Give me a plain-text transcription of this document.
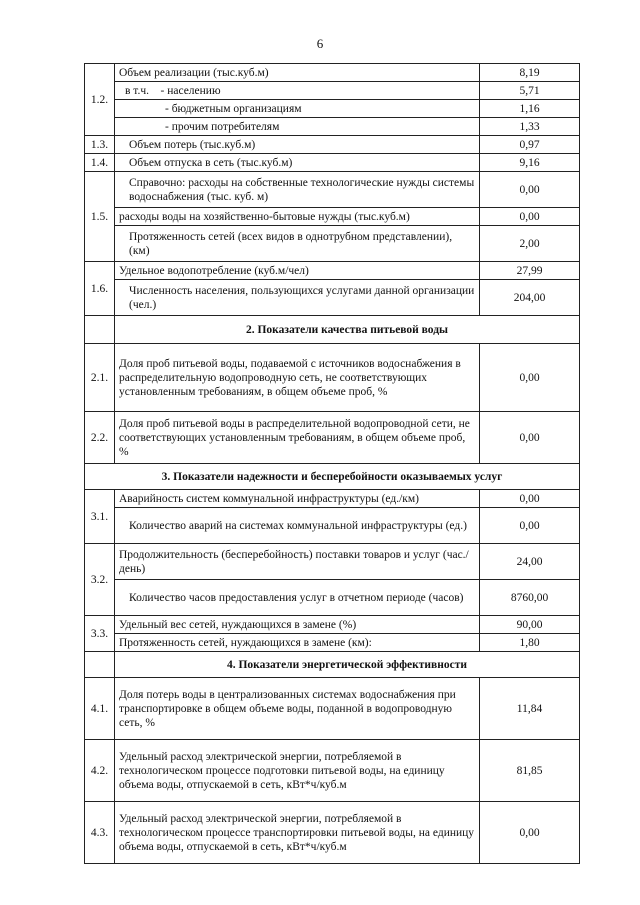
6
1.2.	Объем реализации (тыс.куб.м)	8,19
	в т.ч.    - населению	5,71
	- бюджетным организациям	1,16
	- прочим потребителям	1,33
1.3.	Объем потерь (тыс.куб.м)	0,97
1.4.	Объем отпуска в сеть (тыс.куб.м)	9,16
1.5.	Справочно: расходы на собственные технологические нужды системы водоснабжения (тыс. куб. м)	0,00
	расходы воды на хозяйственно-бытовые нужды (тыс.куб.м)	0,00
	Протяженность сетей (всех видов в однотрубном представлении), (км)	2,00
1.6.	Удельное водопотребление (куб.м/чел)	27,99
	Численность населения, пользующихся услугами данной организации (чел.)	204,00
	2. Показатели качества питьевой воды	
2.1.	Доля проб питьевой воды, подаваемой с источников водоснабжения в распределительную водопроводную сеть, не соответствующих установленным требованиям, в общем объеме проб, %	0,00
2.2.	Доля проб питьевой воды в распределительной водопроводной сети, не соответствующих установленным требованиям, в общем объеме проб, %	0,00
3. Показатели надежности и бесперебойности оказываемых услуг		
3.1.	Аварийность систем коммунальной инфраструктуры (ед./км)	0,00
	Количество аварий на системах коммунальной инфраструктуры (ед.)	0,00
3.2.	Продолжительность (бесперебойность) поставки товаров и услуг (час./день)	24,00
	Количество часов предоставления услуг в отчетном периоде (часов)	8760,00
3.3.	Удельный вес сетей, нуждающихся в замене (%)	90,00
	Протяженность сетей, нуждающихся в замене (км):	1,80
	4. Показатели энергетической эффективности	
4.1.	Доля потерь воды в централизованных системах водоснабжения при транспортировке в общем объеме воды, поданной в водопроводную сеть, %	11,84
4.2.	Удельный расход электрической энергии, потребляемой в технологическом процессе подготовки питьевой воды, на единицу объема воды, отпускаемой в сеть, кВт*ч/куб.м	81,85
4.3.	Удельный расход электрической энергии, потребляемой в технологическом процессе транспортировки питьевой воды, на единицу объема воды, отпускаемой в сеть, кВт*ч/куб.м	0,00
